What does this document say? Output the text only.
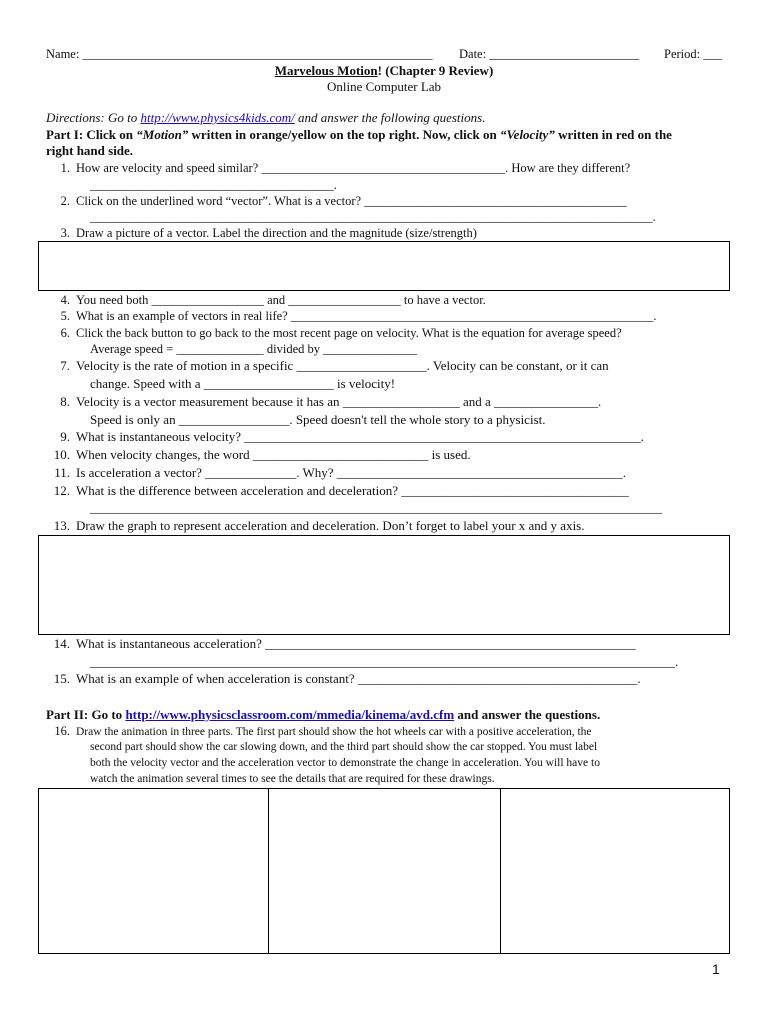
Name: ________________________________________________________ Date: ________________________ Period: ___
Marvelous Motion! (Chapter 9 Review)
Online Computer Lab
Directions: Go to http://www.physics4kids.com/ and answer the following questions.
Part I: Click on “Motion” written in orange/yellow on the top right. Now, click on “Velocity” written in red on the
right hand side.
1. How are velocity and speed similar? _______________________________________. How are they different?
_______________________________________.
2. Click on the underlined word “vector”. What is a vector? __________________________________________
__________________________________________________________________________________________.
3. Draw a picture of a vector. Label the direction and the magnitude (size/strength)
4. You need both __________________ and __________________ to have a vector.
5. What is an example of vectors in real life? __________________________________________________________.
6. Click the back button to go back to the most recent page on velocity. What is the equation for average speed?
Average speed = ______________ divided by _______________
7. Velocity is the rate of motion in a specific ____________________. Velocity can be constant, or it can
change. Speed with a ____________________ is velocity!
8. Velocity is a vector measurement because it has an __________________ and a ________________.
Speed is only an _________________. Speed doesn't tell the whole story to a physicist.
9. What is instantaneous velocity? _____________________________________________________________.
10. When velocity changes, the word ___________________________ is used.
11. Is acceleration a vector? ______________. Why? ____________________________________________.
12. What is the difference between acceleration and deceleration? ___________________________________
________________________________________________________________________________________
13. Draw the graph to represent acceleration and deceleration. Don’t forget to label your x and y axis.
14. What is instantaneous acceleration? _________________________________________________________
__________________________________________________________________________________________.
15. What is an example of when acceleration is constant? ___________________________________________.
Part II: Go to http://www.physicsclassroom.com/mmedia/kinema/avd.cfm and answer the questions.
16. Draw the animation in three parts. The first part should show the hot wheels car with a positive acceleration, the
second part should show the car slowing down, and the third part should show the car stopped. You must label
both the velocity vector and the acceleration vector to demonstrate the change in acceleration. You will have to
watch the animation several times to see the details that are required for these drawings.
1
